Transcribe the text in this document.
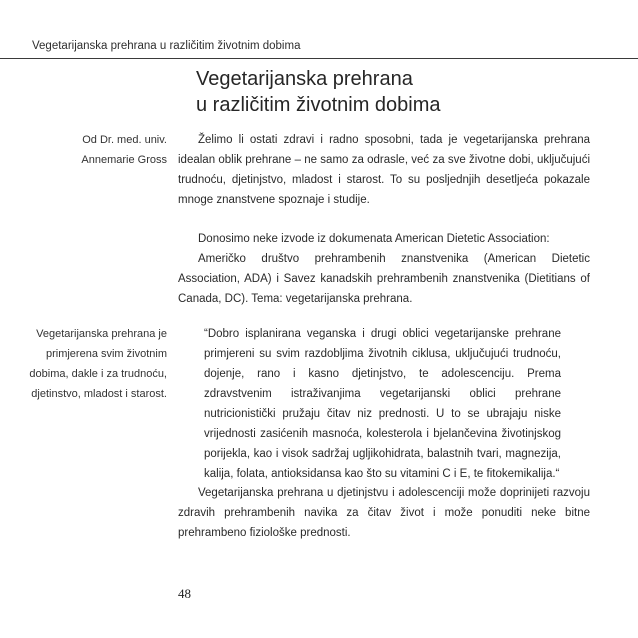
Vegetarijanska prehrana u različitim životnim dobima
Vegetarijanska prehrana
u različitim životnim dobima
Od Dr. med. univ.
Annemarie Gross

Želimo li ostati zdravi i radno sposobni, tada je vegetarijanska prehrana idealan oblik prehrane – ne samo za odrasle, već za sve životne dobi, uključujući trudnoću, djetinjstvo, mladost i starost. To su posljednjih desetljeća pokazale mnoge znanstvene spoznaje i studije.

Donosimo neke izvode iz dokumenata American Dietetic Association:

Američko društvo prehrambenih znanstvenika (American Dietetic Association, ADA) i Savez kanadskih prehrambenih znanstvenika (Dietitians of Canada, DC). Tema: vegetarijanska prehrana.

Vegetarijanska prehrana je
primjerena svim životnim
dobima, dakle i za trudnoću,
djetinstvo, mladost i starost.

“Dobro isplanirana veganska i drugi oblici vegetarijanske prehrane primjereni su svim razdobljima životnih ciklusa, uključujući trudnoću, dojenje, rano i kasno djetinjstvo, te adolescenciju. Prema zdravstvenim istraživanjima vegetarijanski oblici prehrane nutricionistički pružaju čitav niz prednosti. U to se ubrajaju niske vrijednosti zasićenih masnoća, kolesterola i bjelančevina životinjskog porijekla, kao i visok sadržaj ugljikohidrata, balastnih tvari, magnezija, kalija, folata, antioksidansa kao što su vitamini C i E, te fitokemikalija.“

Vegetarijanska prehrana u djetinjstvu i adolescenciji može doprinijeti razvoju zdravih prehrambenih navika za čitav život i može ponuditi neke bitne prehrambeno fiziološke prednosti.

48
